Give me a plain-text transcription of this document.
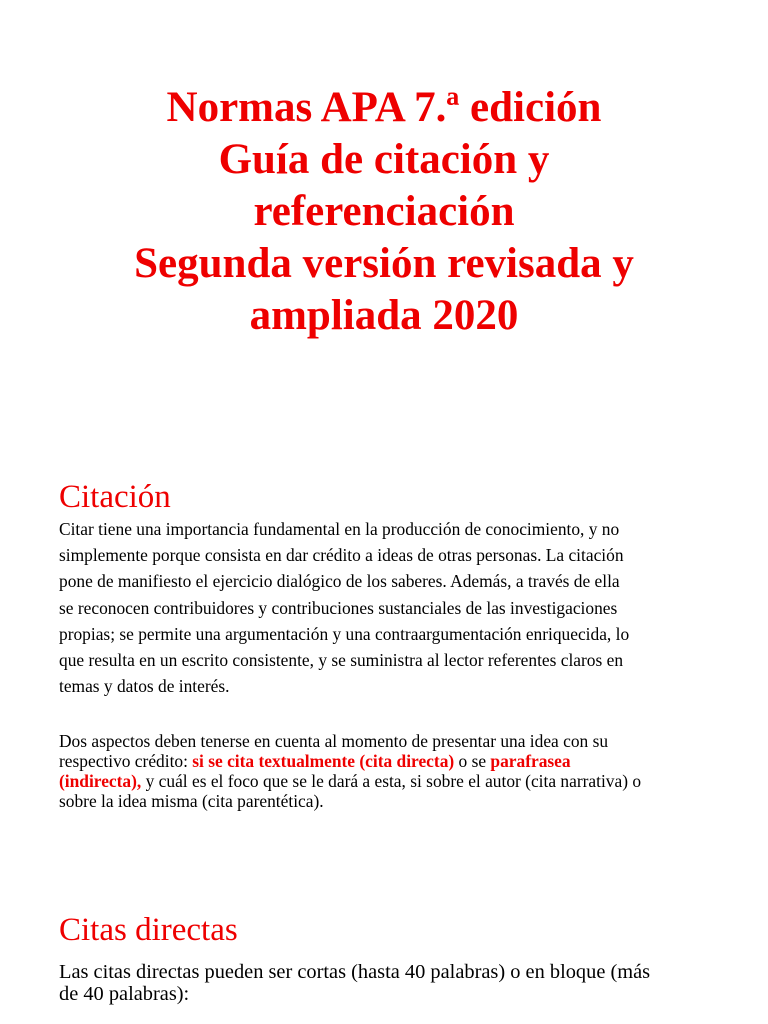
Normas APA 7.ª edición
Guía de citación y
referenciación
Segunda versión revisada y
ampliada 2020
Citación

Citar tiene una importancia fundamental en la producción de conocimiento, y no
simplemente porque consista en dar crédito a ideas de otras personas. La citación
pone de manifiesto el ejercicio dialógico de los saberes. Además, a través de ella
se reconocen contribuidores y contribuciones sustanciales de las investigaciones
propias; se permite una argumentación y una contraargumentación enriquecida, lo
que resulta en un escrito consistente, y se suministra al lector referentes claros en
temas y datos de interés.

Dos aspectos deben tenerse en cuenta al momento de presentar una idea con su
respectivo crédito: si se cita textualmente (cita directa) o se parafrasea
(indirecta), y cuál es el foco que se le dará a esta, si sobre el autor (cita narrativa) o
sobre la idea misma (cita parentética).

Citas directas

Las citas directas pueden ser cortas (hasta 40 palabras) o en bloque (más
de 40 palabras):
